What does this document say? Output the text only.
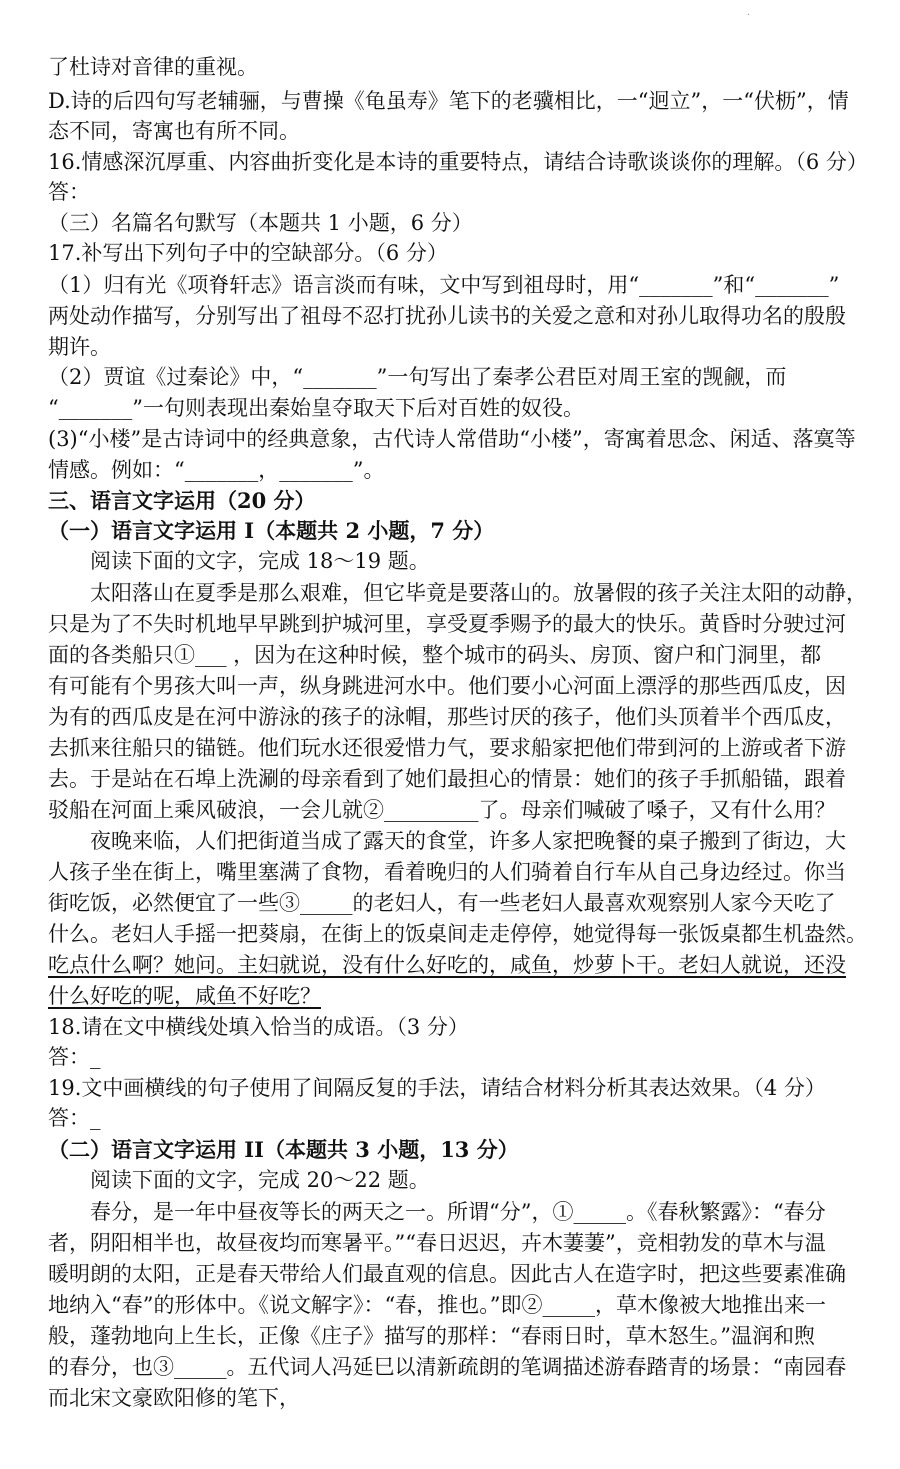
·
了杜诗对音律的重视。
D.诗的后四句写老辅骊，与曹操《龟虽寿》笔下的老骥相比，一“迥立”，一“伏枥”，情
态不同，寄寓也有所不同。
16.情感深沉厚重、内容曲折变化是本诗的重要特点，请结合诗歌谈谈你的理解。（6 分）
答：
（三）名篇名句默写（本题共 1 小题，6 分）
17.补写出下列句子中的空缺部分。（6 分）
（1）归有光《项脊轩志》语言淡而有味，文中写到祖母时，用“_______”和“_______”
两处动作描写，分别写出了祖母不忍打扰孙儿读书的关爱之意和对孙儿取得功名的殷殷
期许。
（2）贾谊《过秦论》中，“_______”一句写出了秦孝公君臣对周王室的觊觎，而
“_______”一句则表现出秦始皇夺取天下后对百姓的奴役。
(3)“小楼”是古诗词中的经典意象，古代诗人常借助“小楼”，寄寓着思念、闲适、落寞等
情感。例如：“_______，_______”。
三、语言文字运用（20 分）
（一）语言文字运用 I（本题共 2 小题，7 分）
阅读下面的文字，完成 18～19 题。
太阳落山在夏季是那么艰难，但它毕竟是要落山的。放暑假的孩子关注太阳的动静，
只是为了不失时机地早早跳到护城河里，享受夏季赐予的最大的快乐。黄昏时分驶过河
面的各类船只①___ ，因为在这种时候，整个城市的码头、房顶、窗户和门洞里，都
有可能有个男孩大叫一声，纵身跳进河水中。他们要小心河面上漂浮的那些西瓜皮，因
为有的西瓜皮是在河中游泳的孩子的泳帽，那些讨厌的孩子，他们头顶着半个西瓜皮，
去抓来往船只的锚链。他们玩水还很爱惜力气，要求船家把他们带到河的上游或者下游
去。于是站在石埠上洗涮的母亲看到了她们最担心的情景：她们的孩子手抓船锚，跟着
驳船在河面上乘风破浪，一会儿就②_________了。母亲们喊破了嗓子，又有什么用？
夜晚来临，人们把街道当成了露天的食堂，许多人家把晚餐的桌子搬到了街边，大
人孩子坐在街上，嘴里塞满了食物，看着晚归的人们骑着自行车从自己身边经过。你当
街吃饭，必然便宜了一些③_____的老妇人，有一些老妇人最喜欢观察别人家今天吃了
什么。老妇人手摇一把葵扇，在街上的饭桌间走走停停，她觉得每一张饭桌都生机盎然。
吃点什么啊？她问。主妇就说，没有什么好吃的，咸鱼，炒萝卜干。老妇人就说，还没
什么好吃的呢，咸鱼不好吃？
18.请在文中横线处填入恰当的成语。（3 分）
答：_
19.文中画横线的句子使用了间隔反复的手法，请结合材料分析其表达效果。（4 分）
答：_
（二）语言文字运用 II（本题共 3 小题，13 分）
阅读下面的文字，完成 20～22 题。
春分，是一年中昼夜等长的两天之一。所谓“分”，①_____。《春秋繁露》：“春分
者，阴阳相半也，故昼夜均而寒暑平。”“春日迟迟，卉木萋萋”，竞相勃发的草木与温
暖明朗的太阳，正是春天带给人们最直观的信息。因此古人在造字时，把这些要素准确
地纳入“春”的形体中。《说文解字》：“春，推也。”即②_____，草木像被大地推出来一
般，蓬勃地向上生长，正像《庄子》描写的那样：“春雨日时，草木怒生。”温润和煦
的春分，也③_____。五代词人冯延巳以清新疏朗的笔调描述游春踏青的场景：“南园春
而北宋文豪欧阳修的笔下，
